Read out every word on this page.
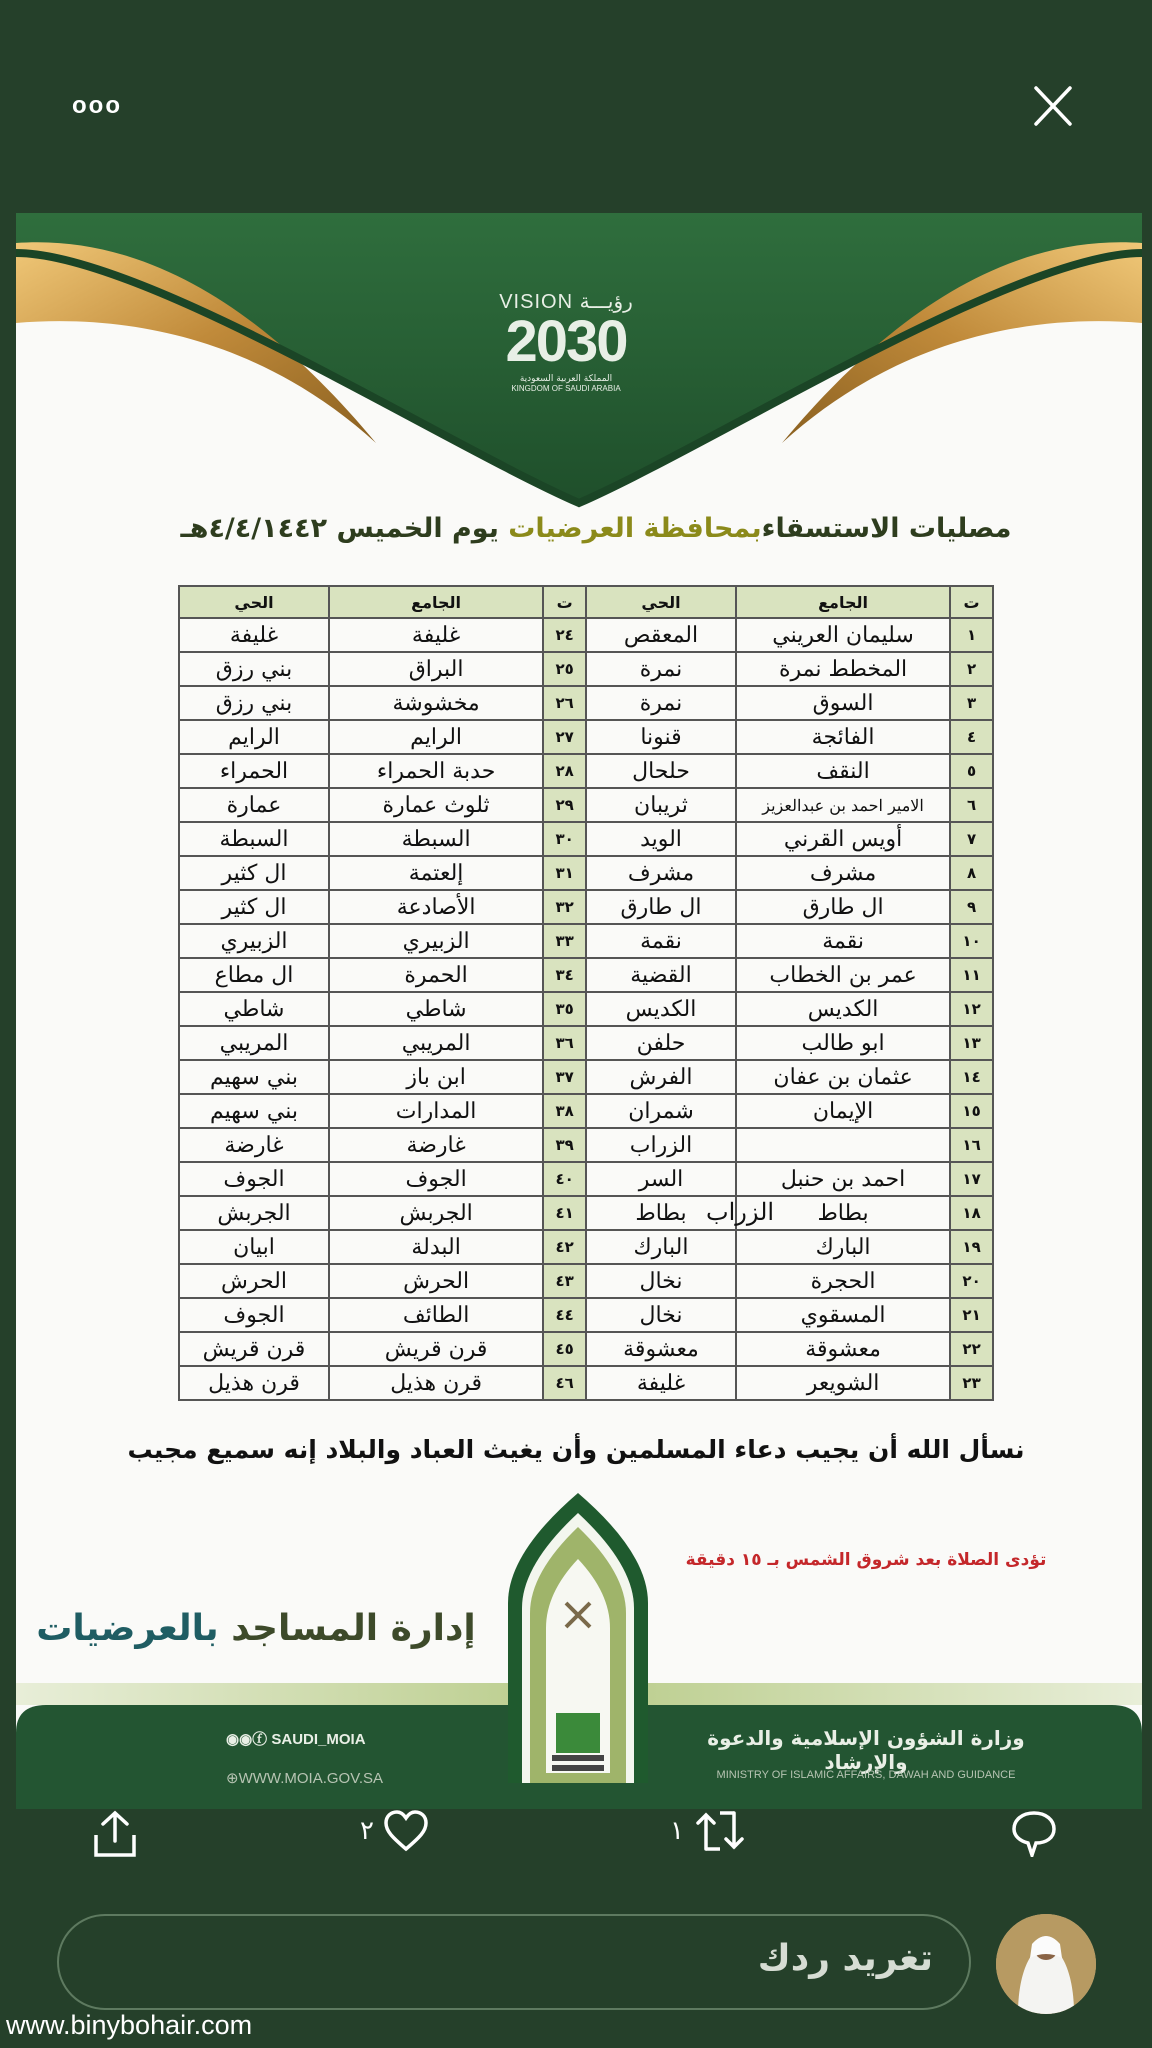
ooo
VISION رؤيـــة
2030
المملكة العربية السعودية
KINGDOM OF SAUDI ARABIA
مصليات الاستسقاءبمحافظة العرضيات يوم الخميس ٤/٤/١٤٤٢هـ
ت	الجامع	الحي	ت	الجامع	الحي
١	سليمان العريني	المعقص	٢٤	غليفة	غليفة
٢	المخطط نمرة	نمرة	٢٥	البراق	بني رزق
٣	السوق	نمرة	٢٦	مخشوشة	بني رزق
٤	الفائجة	قنونا	٢٧	الرايم	الرايم
٥	النقف	حلحال	٢٨	حدبة الحمراء	الحمراء
٦	الامير احمد بن عبدالعزيز	ثريبان	٢٩	ثلوث عمارة	عمارة
٧	أويس القرني	الويد	٣٠	السبطة	السبطة
٨	مشرف	مشرف	٣١	إلعتمة	ال كثير
٩	ال طارق	ال طارق	٣٢	الأصادعة	ال كثير
١٠	نقمة	نقمة	٣٣	الزبيري	الزبيري
١١	عمر بن الخطاب	القضية	٣٤	الحمرة	ال مطاع
١٢	الكديس	الكديس	٣٥	شاطي	شاطي
١٣	ابو طالب	حلفن	٣٦	المريبي	المريبي
١٤	عثمان بن عفان	الفرش	٣٧	ابن باز	بني سهيم
١٥	الإيمان	شمران	٣٨	المدارات	بني سهيم
١٦		الزراب	٣٩	غارضة	غارضة
١٧	احمد بن حنبل	السر	٤٠	الجوف	الجوف
١٨	بطاط	بطاط	٤١	الجربش	الجربش
١٩	البارك	البارك	٤٢	البدلة	ابيان
٢٠	الحجرة	نخال	٤٣	الحرش	الحرش
٢١	المسقوي	نخال	٤٤	الطائف	الجوف
٢٢	معشوقة	معشوقة	٤٥	قرن قريش	قرن قريش
٢٣	الشويعر	غليفة	٤٦	قرن هذيل	قرن هذيل
الزراب
نسأل الله أن يجيب دعاء المسلمين وأن يغيث العباد والبلاد إنه سميع مجيب
تؤدى الصلاة بعد شروق الشمس بـ ١٥ دقيقة
إدارة المساجد بالعرضيات
وزارة الشؤون الإسلامية والدعوة والإرشاد
MINISTRY OF ISLAMIC AFFAIRS, DAWAH AND GUIDANCE
◉◉ⓕ SAUDI_MOIA
⊕WWW.MOIA.GOV.SA
٢	١
تغريد ردك
www.binybohair.com
